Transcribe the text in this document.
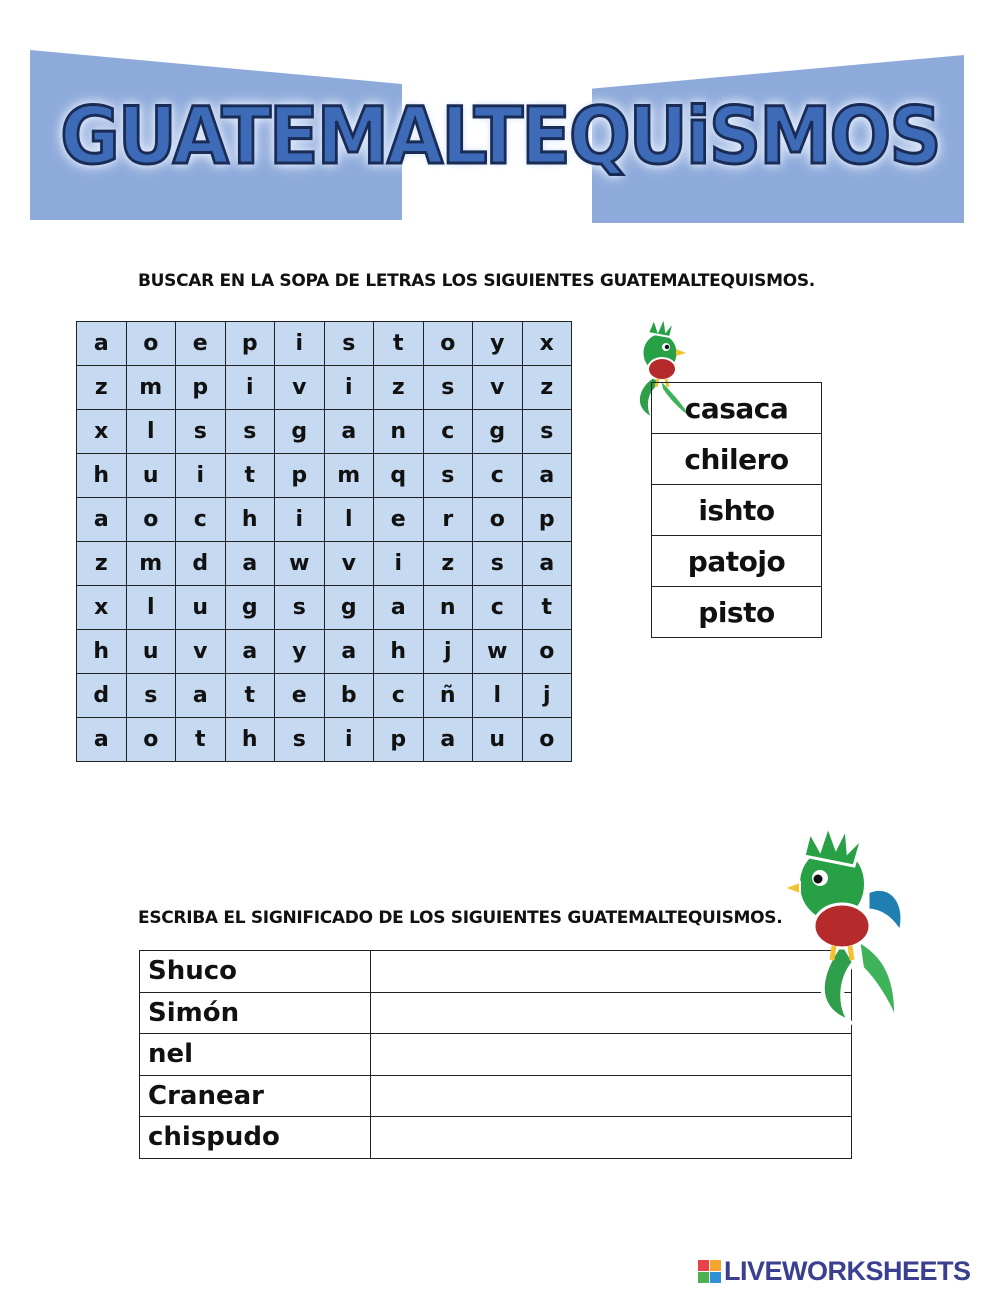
GUATEMALTEQUiSMOS
BUSCAR EN LA SOPA DE LETRAS LOS SIGUIENTES GUATEMALTEQUISMOS.
a	o	e	p	i	s	t	o	y	x
z	m	p	i	v	i	z	s	v	z
x	l	s	s	g	a	n	c	g	s
h	u	i	t	p	m	q	s	c	a
a	o	c	h	i	l	e	r	o	p
z	m	d	a	w	v	i	z	s	a
x	l	u	g	s	g	a	n	c	t
h	u	v	a	y	a	h	j	w	o
d	s	a	t	e	b	c	ñ	l	j
a	o	t	h	s	i	p	a	u	o
casaca
chilero
ishto
patojo
pisto
ESCRIBA EL SIGNIFICADO DE LOS SIGUIENTES GUATEMALTEQUISMOS.
Shuco	
Simón	
nel	
Cranear	
chispudo	
LIVEWORKSHEETS
